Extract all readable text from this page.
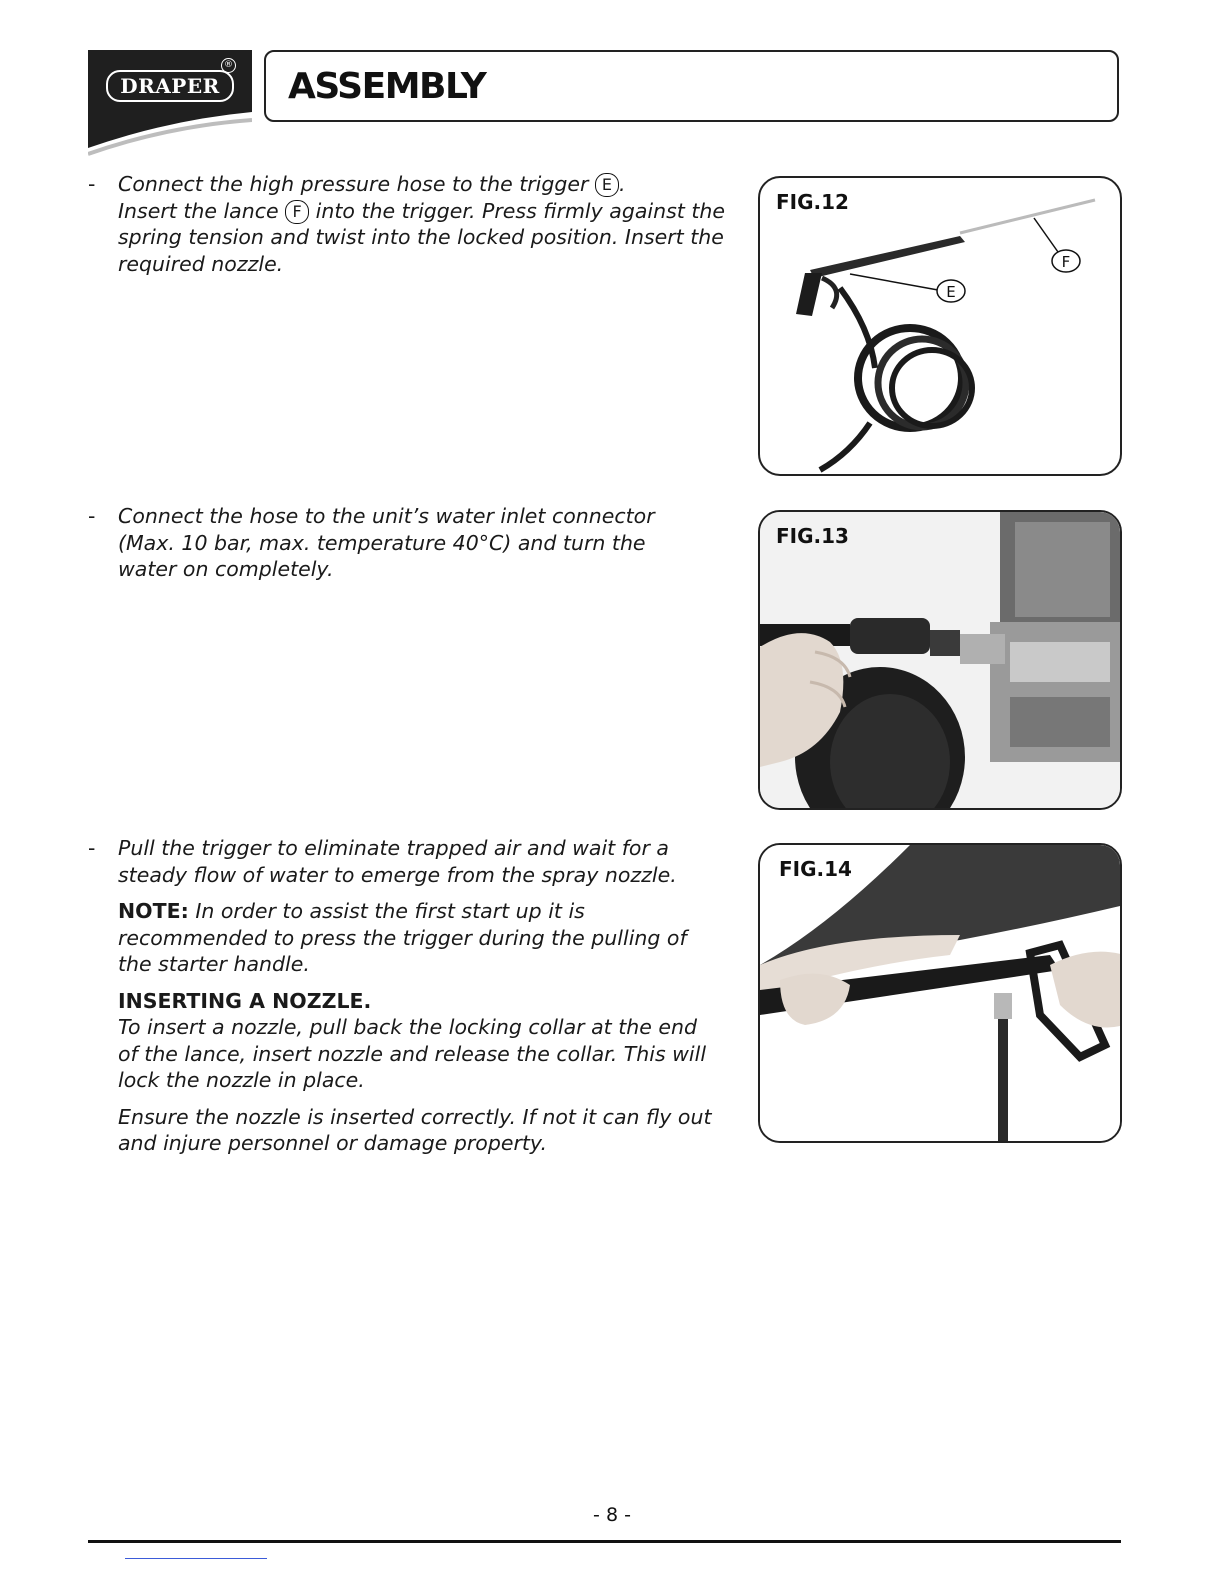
DRAPER
®
ASSEMBLY
- Connect the high pressure hose to the trigger E .
Insert the lance F into the trigger. Press firmly against the spring tension and twist into the locked position. Insert the required nozzle.
- Connect the hose to the unit’s water inlet connector (Max. 10 bar, max. temperature 40°C) and turn the water on completely.
- Pull the trigger to eliminate trapped air and wait for a steady flow of water to emerge from the spray nozzle.

NOTE: In order to assist the first start up it is recommended to press the trigger during the pulling of the starter handle.

INSERTING A NOZZLE.

To insert a nozzle, pull back the locking collar at the end of the lance, insert nozzle and release the collar. This will lock the nozzle in place.

Ensure the nozzle is inserted correctly. If not it can fly out and injure personnel or damage property.

FIG.12
E
F
FIG.13
FIG.14
- 8 -
